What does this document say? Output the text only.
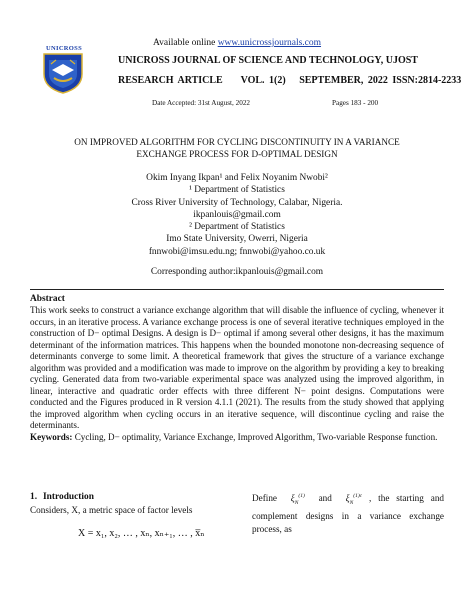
Available online www.unicrossjournals.com
UNICROSS
UNICROSS JOURNAL OF SCIENCE AND TECHNOLOGY, UJOST
RESEARCH ARTICLE VOL. 1(2) SEPTEMBER, 2022 ISSN:2814-2233
Date Accepted: 31st August, 2022	Pages 183 - 200
ON IMPROVED ALGORITHM FOR CYCLING DISCONTINUITY IN A VARIANCE EXCHANGE PROCESS FOR D-OPTIMAL DESIGN
Okim Inyang Ikpan¹ and Felix Noyanim Nwobi²
¹ Department of Statistics
Cross River University of Technology, Calabar, Nigeria.
ikpanlouis@gmail.com
² Department of Statistics
Imo State University, Owerri, Nigeria
fnnwobi@imsu.edu.ng; fnnwobi@yahoo.co.uk
Corresponding author:ikpanlouis@gmail.com
Abstract

This work seeks to construct a variance exchange algorithm that will disable the influence of cycling, whenever it occurs, in an iterative process. A variance exchange process is one of several iterative techniques employed in the construction of D− optimal Designs. A design is D− optimal if among several other designs, it has the maximum determinant of the information matrices. This happens when the bounded monotone non-decreasing sequence of determinants converge to some limit. A theoretical framework that gives the structure of a variance exchange algorithm was provided and a modification was made to improve on the algorithm by providing a key to breaking cycling. Generated data from two-variable experimental space was analyzed using the improved algorithm, in linear, interactive and quadratic order effects with three different N− point designs. Computations were conducted and the Figures produced in R version 4.1.1 (2021). The results from the study showed that applying the improved algorithm when cycling occurs in an iterative sequence, will discontinue cycling and raise the determinants.

Keywords: Cycling, D− optimality, Variance Exchange, Improved Algorithm, Two-variable Response function.

1. Introduction
Considers, X, a metric space of factor levels
X = x₁, x₂, … , xₙ, xₙ₊₁, … , x̅ₙ
Define $\xi_N^{(1)}$ and $\xi_N^{(1)c}$ , the starting and complement designs in a variance exchange process, as
